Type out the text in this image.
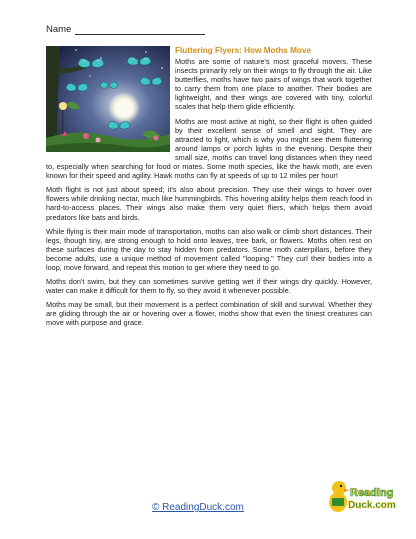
Name
Fluttering Flyers: How Moths Move

Moths are some of nature's most graceful movers. These insects primarily rely on their wings to fly through the air. Like butterflies, moths have two pairs of wings that work together to carry them from one place to another. Their bodies are lightweight, and their wings are covered with tiny, colorful scales that help them glide efficiently.

Moths are most active at night, so their flight is often guided by their excellent sense of smell and sight. They are attracted to light, which is why you might see them fluttering around lamps or porch lights in the evening. Despite their small size, moths can travel long distances when they need to, especially when searching for food or mates. Some moth species, like the hawk moth, are even known for their speed and agility. Hawk moths can fly at speeds of up to 12 miles per hour!

Moth flight is not just about speed; it's also about precision. They use their wings to hover over flowers while drinking nectar, much like hummingbirds. This hovering ability helps them reach food in hard-to-access places. Their wings also make them very quiet fliers, which helps them avoid predators like bats and birds.

While flying is their main mode of transportation, moths can also walk or climb short distances. Their legs, though tiny, are strong enough to hold onto leaves, tree bark, or flowers. Moths often rest on these surfaces during the day to stay hidden from predators. Some moth caterpillars, before they become adults, use a unique method of movement called "looping." They curl their bodies into a loop, move forward, and repeat this motion to get where they need to go.

Moths don't swim, but they can sometimes survive getting wet if their wings dry quickly. However, water can make it difficult for them to fly, so they avoid it whenever possible.

Moths may be small, but their movement is a perfect combination of skill and survival. Whether they are gliding through the air or hovering over a flower, moths show that even the tiniest creatures can move with purpose and grace.

© ReadingDuck.com
Reading
Duck.com
